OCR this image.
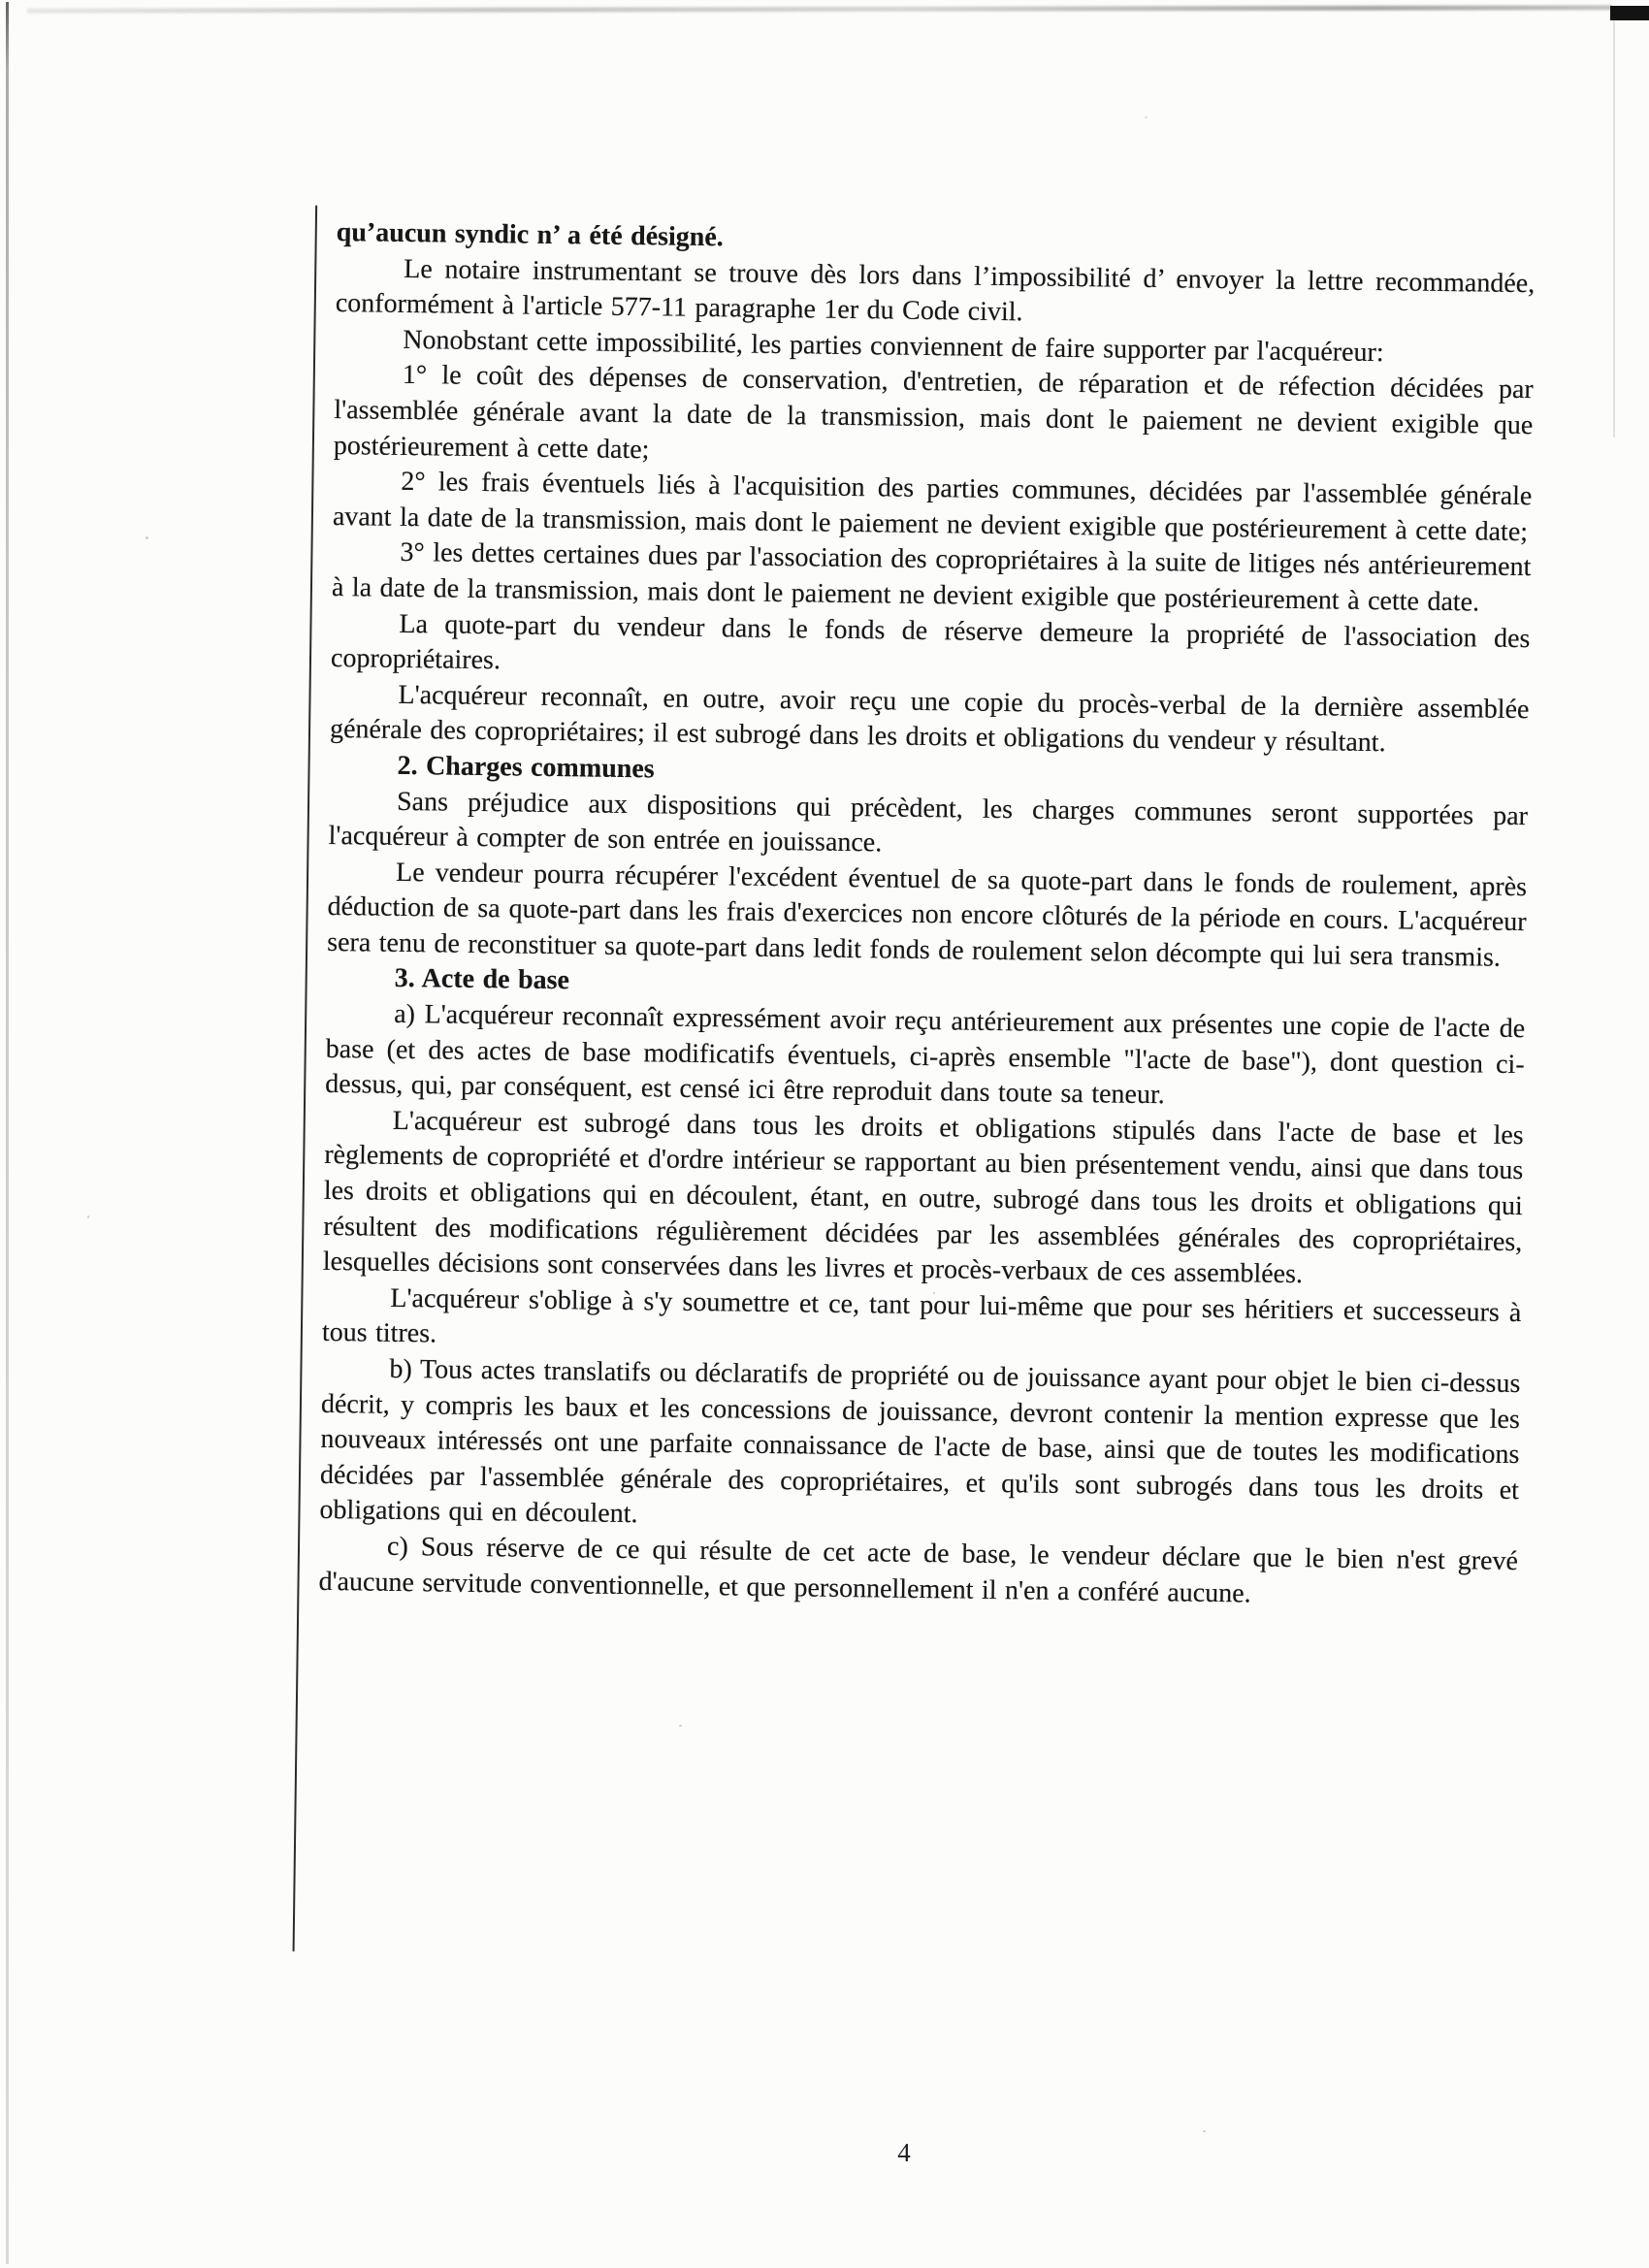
qu’aucun syndic n’ a été désigné.

Le notaire instrumentant se trouve dès lors dans l’impossibilité d’ envoyer la lettre recommandée, conformément à l'article 577-11 paragraphe 1er du Code civil.

Nonobstant cette impossibilité, les parties conviennent de faire supporter par l'acquéreur:

1° le coût des dépenses de conservation, d'entretien, de réparation et de réfection décidées par l'assemblée générale avant la date de la transmission, mais dont le paiement ne devient exigible que postérieurement à cette date;

2° les frais éventuels liés à l'acquisition des parties communes, décidées par l'assemblée générale avant la date de la transmission, mais dont le paiement ne devient exigible que postérieurement à cette date;

3° les dettes certaines dues par l'association des copropriétaires à la suite de litiges nés antérieurement à la date de la transmission, mais dont le paiement ne devient exigible que postérieurement à cette date.

La quote-part du vendeur dans le fonds de réserve demeure la propriété de l'association des copropriétaires.

L'acquéreur reconnaît, en outre, avoir reçu une copie du procès-verbal de la dernière assemblée générale des copropriétaires; il est subrogé dans les droits et obligations du vendeur y résultant.

2. Charges communes

Sans préjudice aux dispositions qui précèdent, les charges communes seront supportées par l'acquéreur à compter de son entrée en jouissance.

Le vendeur pourra récupérer l'excédent éventuel de sa quote-part dans le fonds de roulement, après déduction de sa quote-part dans les frais d'exercices non encore clôturés de la période en cours. L'acquéreur sera tenu de reconstituer sa quote-part dans ledit fonds de roulement selon décompte qui lui sera transmis.

3. Acte de base

a) L'acquéreur reconnaît expressément avoir reçu antérieurement aux présentes une copie de l'acte de base (et des actes de base modificatifs éventuels, ci-après ensemble "l'acte de base"), dont question ci-dessus, qui, par conséquent, est censé ici être reproduit dans toute sa teneur.

L'acquéreur est subrogé dans tous les droits et obligations stipulés dans l'acte de base et les règlements de copropriété et d'ordre intérieur se rapportant au bien présentement vendu, ainsi que dans tous les droits et obligations qui en découlent, étant, en outre, subrogé dans tous les droits et obligations qui résultent des modifications régulièrement décidées par les assemblées générales des copropriétaires, lesquelles décisions sont conservées dans les livres et procès-verbaux de ces assemblées.

L'acquéreur s'oblige à s'y soumettre et ce, tant pour lui-même que pour ses héritiers et successeurs à tous titres.

b) Tous actes translatifs ou déclaratifs de propriété ou de jouissance ayant pour objet le bien ci-dessus décrit, y compris les baux et les concessions de jouissance, devront contenir la mention expresse que les nouveaux intéressés ont une parfaite connaissance de l'acte de base, ainsi que de toutes les modifications décidées par l'assemblée générale des copropriétaires, et qu'ils sont subrogés dans tous les droits et obligations qui en découlent.

c) Sous réserve de ce qui résulte de cet acte de base, le vendeur déclare que le bien n'est grevé d'aucune servitude conventionnelle, et que personnellement il n'en a conféré aucune.

4
